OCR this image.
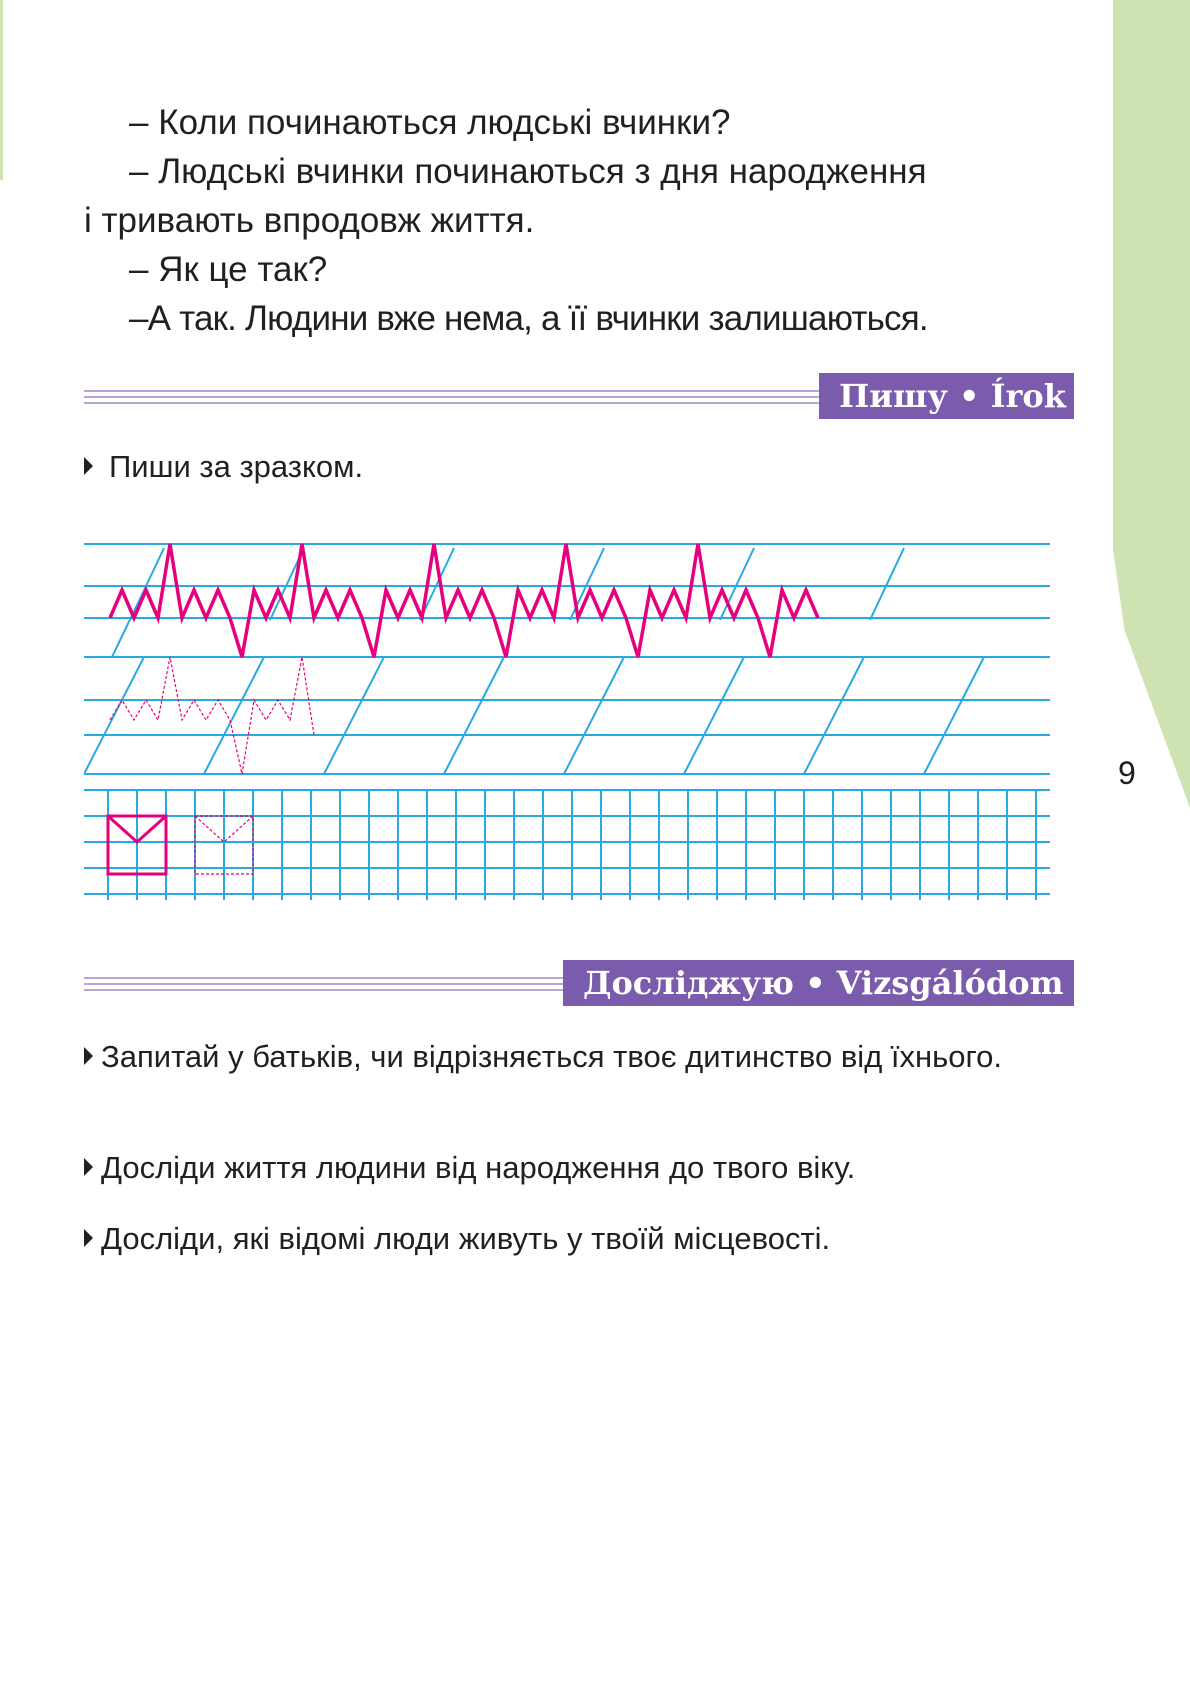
9

– Коли починаються людські вчинки?

– Людські вчинки починаються з дня народження

і тривають впродовж життя.

– Як це так?

–А так. Людини вже нема, а її вчинки залишаються.

Пишу • Írok
Пиши за зразком.
Досліджую • Vizsgálódom
Запитай у батьків, чи відрізняється твоє дитинство від їхнього.
Досліди життя людини від народження до твого віку.
Досліди, які відомі люди живуть у твоїй місцевості.
